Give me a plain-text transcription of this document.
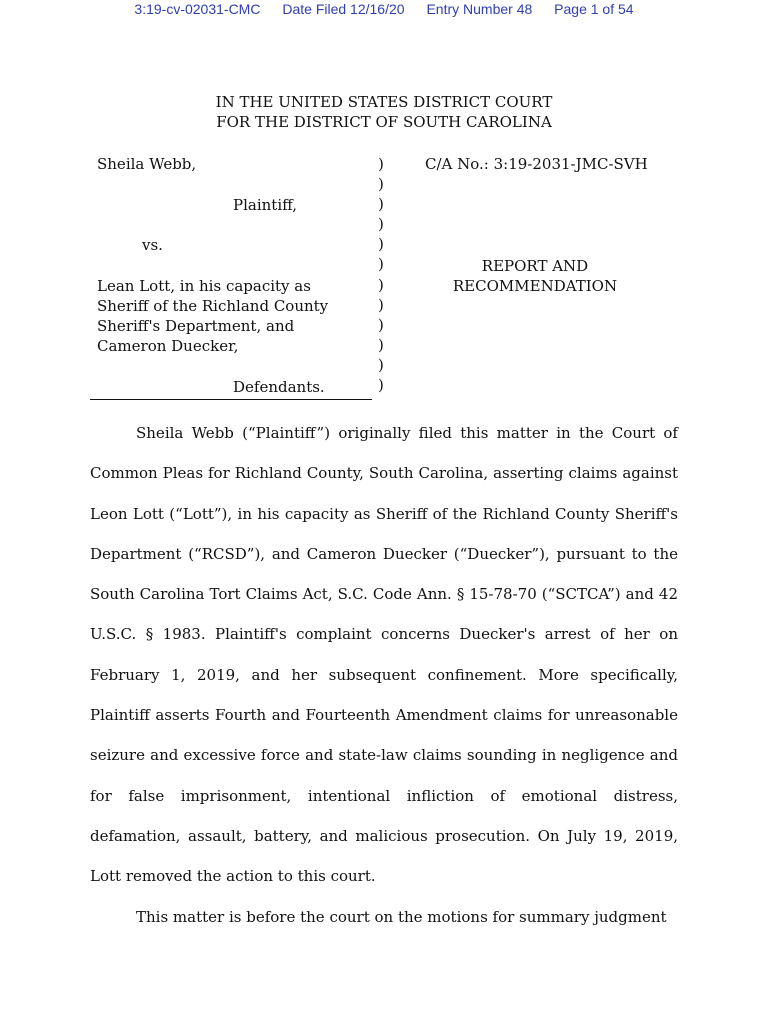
3:19-cv-02031-CMC Date Filed 12/16/20 Entry Number 48 Page 1 of 54
IN THE UNITED STATES DISTRICT COURT
FOR THE DISTRICT OF SOUTH CAROLINA
Sheila Webb,
Plaintiff,
vs.
Lean Lott, in his capacity as
Sheriff of the Richland County
Sheriff's Department, and
Cameron Duecker,
Defendants.
)
)
)
)
)
)
)
)
)
)
)
)
C/A No.: 3:19-2031-JMC-SVH
REPORT AND
RECOMMENDATION

Sheila Webb (“Plaintiff”) originally filed this matter in the Court of Common Pleas for Richland County, South Carolina, asserting claims against Leon Lott (“Lott”), in his capacity as Sheriff of the Richland County Sheriff's Department (“RCSD”), and Cameron Duecker (“Duecker”), pursuant to the South Carolina Tort Claims Act, S.C. Code Ann. § 15-78-70 (“SCTCA”) and 42 U.S.C. § 1983. Plaintiff's complaint concerns Duecker's arrest of her on February 1, 2019, and her subsequent confinement. More specifically, Plaintiff asserts Fourth and Fourteenth Amendment claims for unreasonable seizure and excessive force and state-law claims sounding in negligence and for false imprisonment, intentional infliction of emotional distress, defamation, assault, battery, and malicious prosecution. On July 19, 2019, Lott removed the action to this court.

This matter is before the court on the motions for summary judgment
